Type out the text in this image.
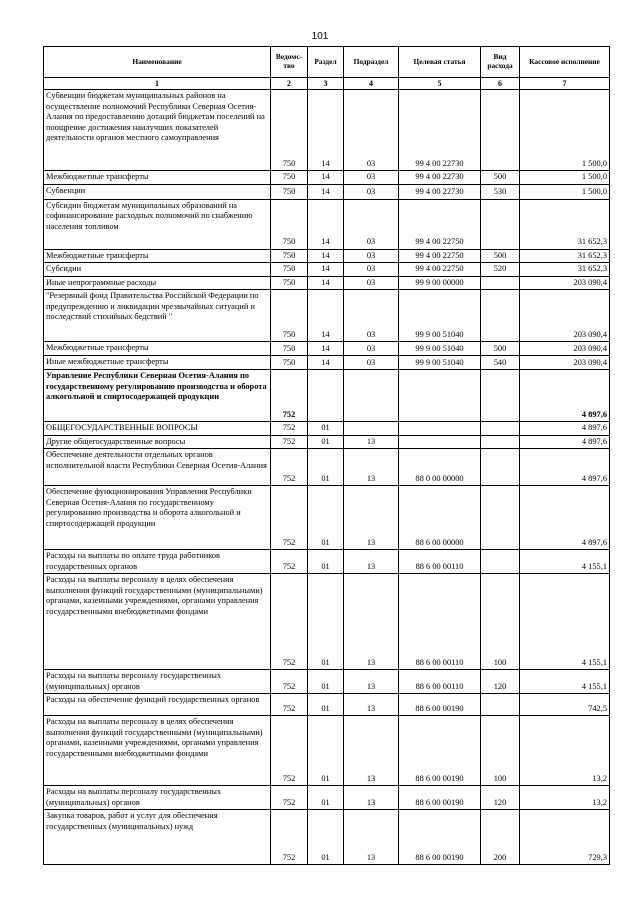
101
Наименование	Ведомс-тво	Раздел	Подраздел	Целевая статья	Вид расхода	Кассовое исполнение
1	2	3	4	5	6	7
Субвенции бюджетам муниципальных районов на осуществление полномочий Республики Северная Осетия-Алания по предоставлению дотаций бюджетам поселений на поощрение достижения наилучших показателей деятельности органов местного самоуправления	750	14	03	99 4 00 22730		1 500,0
Межбюджетные трансферты	750	14	03	99 4 00 22730	500	1 500,0
Субвенции	750	14	03	99 4 00 22730	530	1 500,0
Субсидии бюджетам муниципальных образований на софинансирование расходных полномочий по снабжению населения топливом	750	14	03	99 4 00 22750		31 652,3
Межбюджетные трансферты	750	14	03	99 4 00 22750	500	31 652,3
Субсидии	750	14	03	99 4 00 22750	520	31 652,3
Иные непрограммные расходы	750	14	03	99 9 00 00000		203 090,4
"Резервный фонд Правительства Российской Федерации по предупреждению и ликвидации чрезвычайных ситуаций и последствий стихийных бедствий "	750	14	03	99 9 00 51040		203 090,4
Межбюджетные трансферты	750	14	03	99 9 00 51040	500	203 090,4
Иные межбюджетные трансферты	750	14	03	99 9 00 51040	540	203 090,4
Управление Республики Северная Осетия-Алания по государственному регулированию производства и оборота алкогольной и спиртосодержащей продукции	752					4 897,6
ОБЩЕГОСУДАРСТВЕННЫЕ ВОПРОСЫ	752	01				4 897,6
Другие общегосударственные вопросы	752	01	13			4 897,6
Обеспечение деятельности отдельных органов исполнительной власти Республики Северная Осетия-Алания	752	01	13	88 0 00 00000		4 897,6
Обеспечение функционирования Управления Республики Северная Осетия-Алания по государственному регулированию производства и оборота алкогольной и спиртосодержащей продукции	752	01	13	88 6 00 00000		4 897,6
Расходы на выплаты по оплате труда работников государственных органов	752	01	13	88 6 00 00110		4 155,1
Расходы на выплаты персоналу в целях обеспечения выполнения функций государственными (муниципальными) органами, казенными учреждениями, органами управления государственными внебюджетными фондами	752	01	13	88 6 00 00110	100	4 155,1
Расходы на выплаты персоналу государственных (муниципальных) органов	752	01	13	88 6 00 00110	120	4 155,1
Расходы на обеспечение функций государственных органов	752	01	13	88 6 00 00190		742,5
Расходы на выплаты персоналу в целях обеспечения выполнения функций государственными (муниципальными) органами, казенными учреждениями, органами управления государственными внебюджетными фондами	752	01	13	88 6 00 00190	100	13,2
Расходы на выплаты персоналу государственных (муниципальных) органов	752	01	13	88 6 00 00190	120	13,2
Закупка товаров, работ и услуг для обеспечения государственных (муниципальных) нужд	752	01	13	88 6 00 00190	200	729,3
